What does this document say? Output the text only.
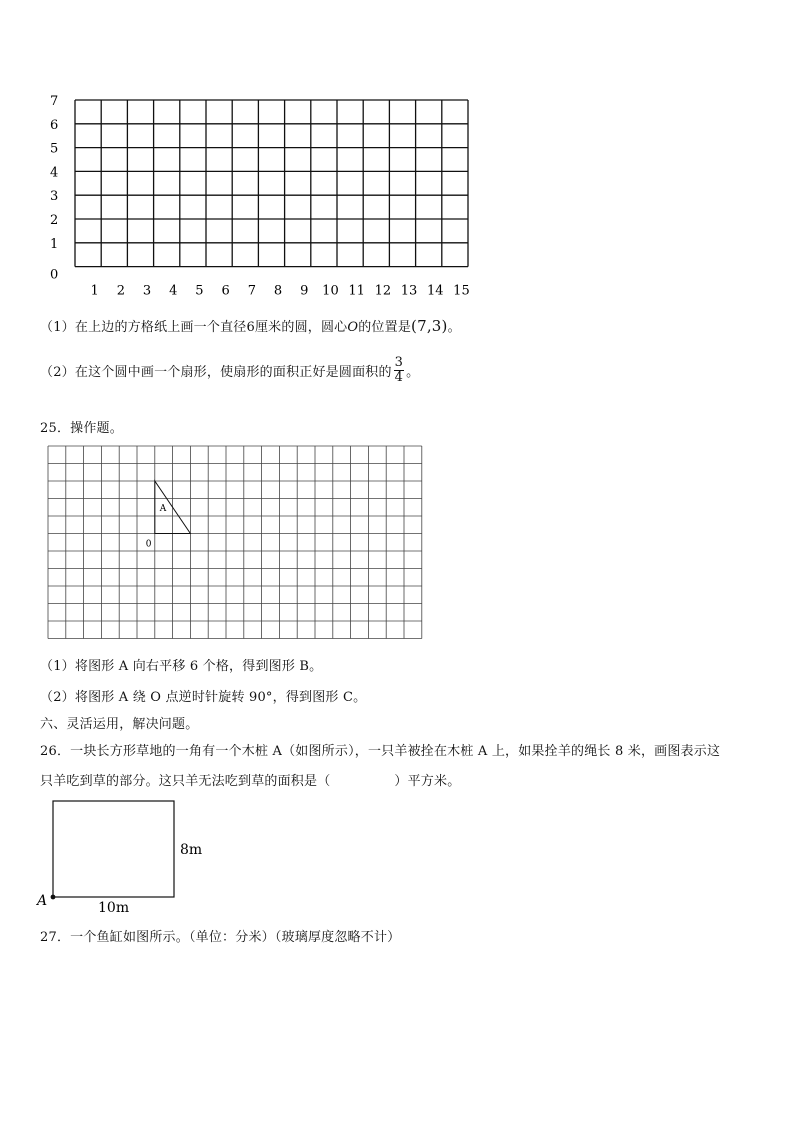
7
6
5
4
3
2
1
0
1 2 3 4 5 6 7 8 9 10 11 12 13 14 15
（1）在上边的方格纸上画一个直径6厘米的圆，圆心O的位置是(7,3)。
（2）在这个圆中画一个扇形，使扇形的面积正好是圆面积的 $\frac{3}{4}$ 。
25．操作题。
A
0
（1）将图形 A 向右平移 6 个格，得到图形 B。
（2）将图形 A 绕 O 点逆时针旋转 90°，得到图形 C。
六、灵活运用，解决问题。
26．一块长方形草地的一角有一个木桩 A（如图所示），一只羊被拴在木桩 A 上，如果拴羊的绳长 8 米，画图表示这
只羊吃到草的部分。这只羊无法吃到草的面积是（	）平方米。
8m
10m
A
27．一个鱼缸如图所示。（单位：分米）（玻璃厚度忽略不计）
